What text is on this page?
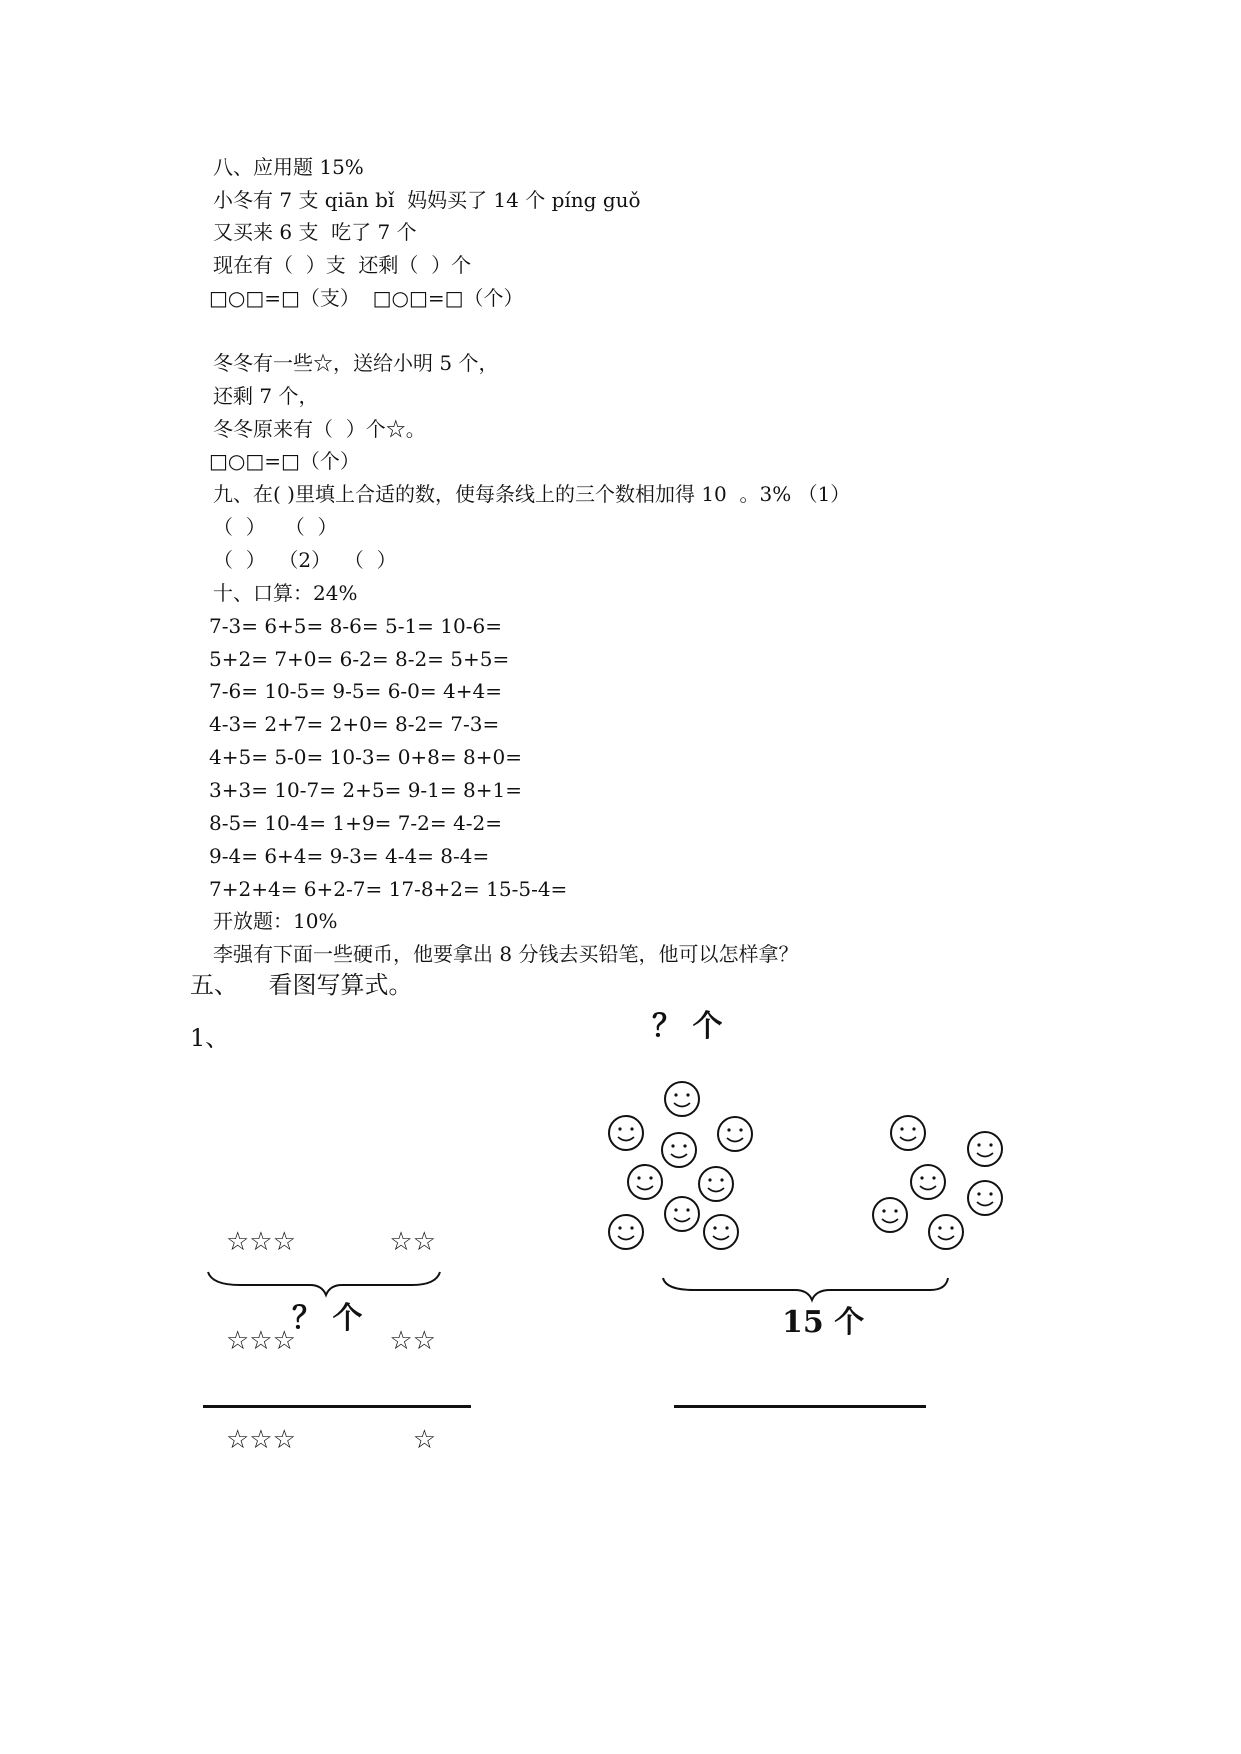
八、应用题 15%
小冬有 7 支 qiān bǐ  妈妈买了 14 个 píng guǒ
又买来 6 支  吃了 7 个
现在有（  ）支  还剩（  ）个
□○□=□（支）  □○□=□（个）
冬冬有一些☆，送给小明 5 个，
还剩 7 个，
冬冬原来有（  ）个☆。
□○□=□（个）
九、在( )里填上合适的数，使每条线上的三个数相加得 10  。3% （1）
（  ）   （  ）
（  ）  （2）  （  ）
十、口算：24%
7-3= 6+5= 8-6= 5-1= 10-6=
5+2= 7+0= 6-2= 8-2= 5+5=
7-6= 10-5= 9-5= 6-0= 4+4=
4-3= 2+7= 2+0= 8-2= 7-3=
4+5= 5-0= 10-3= 0+8= 8+0=
3+3= 10-7= 2+5= 9-1= 8+1=
8-5= 10-4= 1+9= 7-2= 4-2=
9-4= 6+4= 9-3= 4-4= 8-4=
7+2+4= 6+2-7= 17-8+2= 15-5-4=
开放题：10%
李强有下面一些硬币，他要拿出 8 分钱去买铅笔，他可以怎样拿？
五、    看图写算式。
1、

☆☆☆

☆☆☆

☆☆☆

☆☆

☆☆

☆

？ 个
？ 个
15 个
